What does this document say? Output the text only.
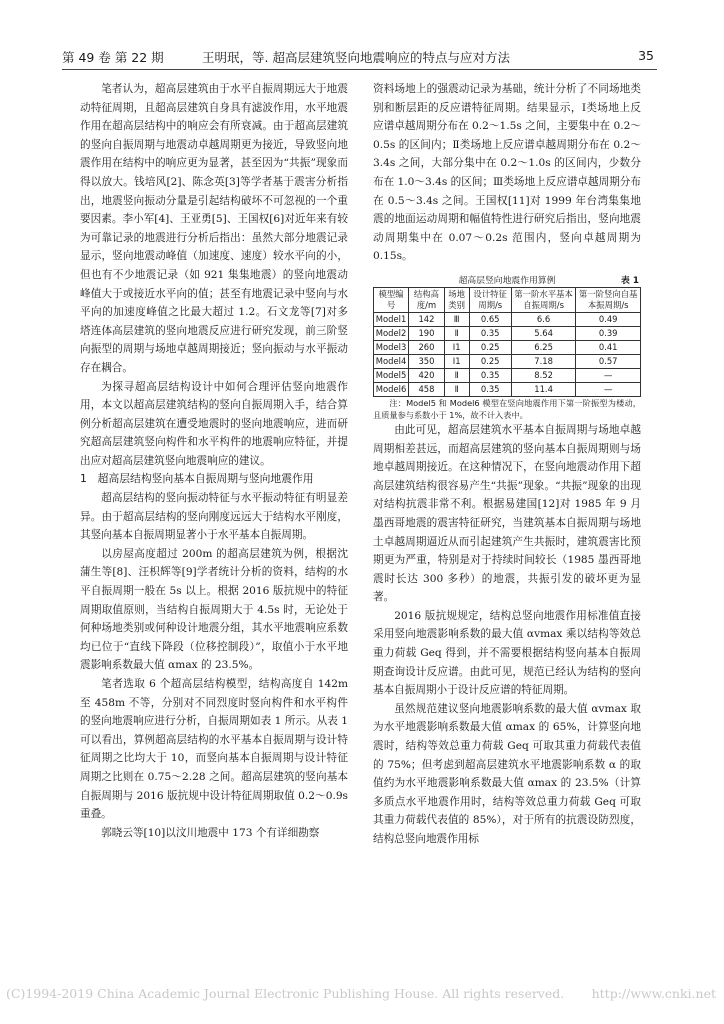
第 49 卷 第 22 期	王明珉，等. 超高层建筑竖向地震响应的特点与应对方法	35

笔者认为，超高层建筑由于水平自振周期远大于地震动特征周期，且超高层建筑自身具有滤波作用，水平地震作用在超高层结构中的响应会有所衰减。由于超高层建筑的竖向自振周期与地震动卓越周期更为接近，导致竖向地震作用在结构中的响应更为显著，甚至因为“共振”现象而得以放大。钱培风[2]、陈念英[3]等学者基于震害分析指出，地震竖向振动分量是引起结构破坏不可忽视的一个重要因素。李小军[4]、王亚勇[5]、王国权[6]对近年来有较为可靠记录的地震进行分析后指出：虽然大部分地震记录显示，竖向地震动峰值（加速度、速度）较水平向的小，但也有不少地震记录（如 921 集集地震）的竖向地震动峰值大于或接近水平向的值；甚至有地震记录中竖向与水平向的加速度峰值之比最大超过 1.2。石文龙等[7]对多塔连体高层建筑的竖向地震反应进行研究发现，前三阶竖向振型的周期与场地卓越周期接近；竖向振动与水平振动存在耦合。

为探寻超高层结构设计中如何合理评估竖向地震作用，本文以超高层建筑结构的竖向自振周期入手，结合算例分析超高层建筑在遭受地震时的竖向地震响应，进而研究超高层建筑竖向构件和水平构件的地震响应特征，并提出应对超高层建筑竖向地震响应的建议。

1　超高层结构竖向基本自振周期与竖向地震作用

超高层结构的竖向振动特征与水平振动特征有明显差异。由于超高层结构的竖向刚度远远大于结构水平刚度，其竖向基本自振周期显著小于水平基本自振周期。

以房屋高度超过 200m 的超高层建筑为例，根据沈蒲生等[8]、汪枳辉等[9]学者统计分析的资料，结构的水平自振周期一般在 5s 以上。根据 2016 版抗规中的特征周期取值原则，当结构自振周期大于 4.5s 时，无论处于何种场地类别或何种设计地震分组，其水平地震响应系数均已位于“直线下降段（位移控制段）”，取值小于水平地震影响系数最大值 αmax 的 23.5%。

笔者选取 6 个超高层结构模型，结构高度自 142m 至 458m 不等，分别对不同烈度时竖向构件和水平构件的竖向地震响应进行分析，自振周期如表 1 所示。从表 1 可以看出，算例超高层结构的水平基本自振周期与设计特征周期之比均大于 10，而竖向基本自振周期与设计特征周期之比则在 0.75～2.28 之间。超高层建筑的竖向基本自振周期与 2016 版抗规中设计特征周期取值 0.2～0.9s 重叠。

郭晓云等[10]以汶川地震中 173 个有详细勘察

资料场地上的强震动记录为基础，统计分析了不同场地类别和断层距的反应谱特征周期。结果显示，Ⅰ类场地上反应谱卓越周期分布在 0.2～1.5s 之间，主要集中在 0.2～0.5s 的区间内；Ⅱ类场地上反应谱卓越周期分布在 0.2～3.4s 之间，大部分集中在 0.2～1.0s 的区间内，少数分布在 1.0～3.4s 的区间；Ⅲ类场地上反应谱卓越周期分布在 0.5～3.4s 之间。王国权[11]对 1999 年台湾集集地震的地面运动周期和幅值特性进行研究后指出，竖向地震动周期集中在 0.07～0.2s 范围内，竖向卓越周期为 0.15s。

超高层竖向地震作用算例	表 1
模型编号	结构高度/m	场地类别	设计特征周期/s	第一阶水平基本自振周期/s	第一阶竖向自基本振周期/s
Model1	142	Ⅲ	0.65	6.6	0.49
Model2	190	Ⅱ	0.35	5.64	0.39
Model3	260	Ⅰ1	0.25	6.25	0.41
Model4	350	Ⅰ1	0.25	7.18	0.57
Model5	420	Ⅱ	0.35	8.52	—
Model6	458	Ⅱ	0.35	11.4	—

注：Model5 和 Model6 模型在竖向地震作用下第一阶振型为楼动，且质量参与系数小于 1%，故不计入表中。

由此可见，超高层建筑水平基本自振周期与场地卓越周期相差甚远，而超高层建筑的竖向基本自振周期则与场地卓越周期接近。在这种情况下，在竖向地震动作用下超高层建筑结构很容易产生“共振”现象。“共振”现象的出现对结构抗震非常不利。根据易建国[12]对 1985 年 9 月墨西哥地震的震害特征研究，当建筑基本自振周期与场地土卓越周期逼近从而引起建筑产生共振时，建筑震害比预期更为严重，特别是对于持续时间较长（1985 墨西哥地震时长达 300 多秒）的地震，共振引发的破坏更为显著。

2016 版抗规规定，结构总竖向地震作用标准值直接采用竖向地震影响系数的最大值 αvmax 乘以结构等效总重力荷载 Geq 得到，并不需要根据结构竖向基本自振周期查询设计反应谱。由此可见，规范已经认为结构的竖向基本自振周期小于设计反应谱的特征周期。

虽然规范建议竖向地震影响系数的最大值 αvmax 取为水平地震影响系数最大值 αmax 的 65%，计算竖向地震时，结构等效总重力荷载 Geq 可取其重力荷载代表值的 75%；但考虑到超高层建筑水平地震影响系数 α 的取值约为水平地震影响系数最大值 αmax 的 23.5%（计算多质点水平地震作用时，结构等效总重力荷载 Geq 可取其重力荷载代表值的 85%），对于所有的抗震设防烈度，结构总竖向地震作用标

(C)1994-2019 China Academic Journal Electronic Publishing House. All rights reserved. http://www.cnki.net
